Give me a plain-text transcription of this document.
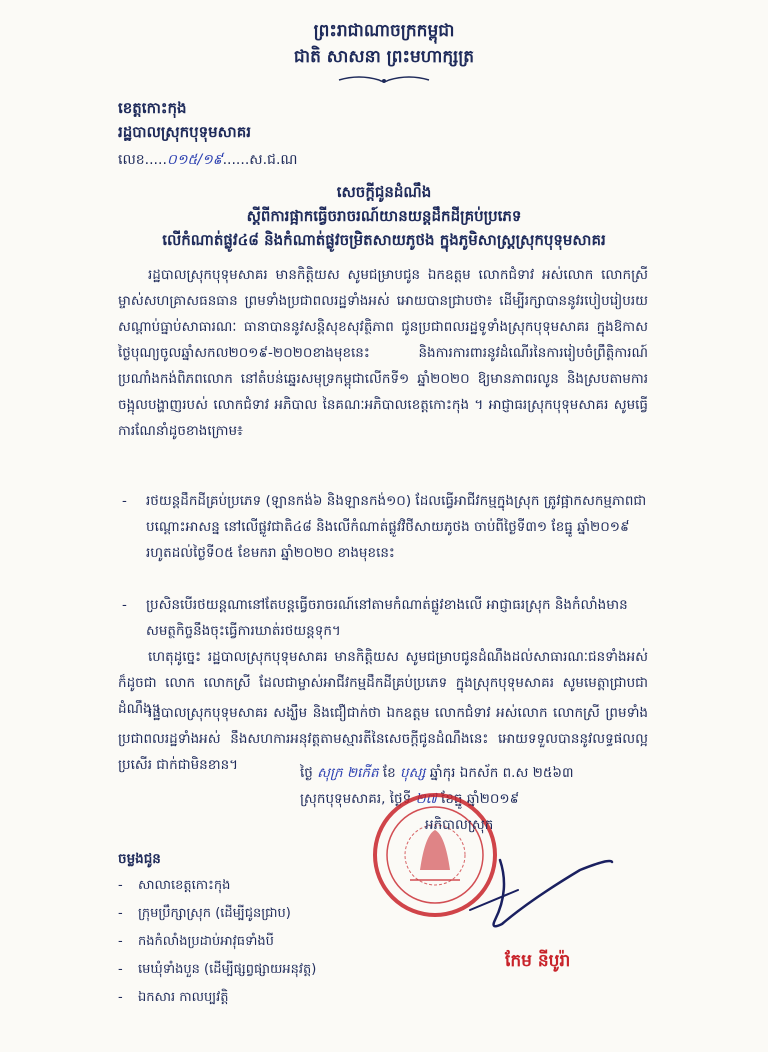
ព្រះរាជាណាចក្រកម្ពុជា
ជាតិ សាសនា ព្រះមហាក្សត្រ
ខេត្តកោះកុង
រដ្ឋបាលស្រុកបុទុមសាគរ
លេខ.....០១៥/១៩......ស.ជ.ណ
សេចក្តីជូនដំណឹង
ស្តីពីការផ្អាកធ្វើចរាចរណ៍យានយន្តដឹកដីគ្រប់ប្រភេទ
លើកំណាត់ផ្លូវ៤៨ និងកំណាត់ផ្លូវចម្រិតសាយភូថង ក្នុងភូមិសាស្ត្រស្រុកបុទុមសាគរ
រដ្ឋបាលស្រុកបុទុមសាគរ មានកិត្តិយស សូមជម្រាបជូន ឯកឧត្តម លោកជំទាវ អស់លោក លោកស្រី ម្ចាស់សហគ្រាសធនធាន ព្រមទាំងប្រជាពលរដ្ឋទាំងអស់ អោយបានជ្រាបថា៖ ដើម្បីរក្សាបាននូវរបៀបរៀបរយ សណ្តាប់ធ្នាប់សាធារណៈ ធានាបាននូវសន្តិសុខសុវត្ថិភាព ជូនប្រជាពលរដ្ឋទូទាំងស្រុកបុទុមសាគរ ក្នុងឱកាសថ្ងៃបុណ្យចូលឆ្នាំសកល២០១៩-២០២០ខាងមុខនេះ និងការការពារនូវដំណើរនៃការរៀបចំព្រឹត្តិការណ៍ប្រណាំងកង់ពិភពលោក នៅតំបន់ឆ្នេរសមុទ្រកម្ពុជាលើកទី១ ឆ្នាំ២០២០ ឱ្យមានភាពរលូន និងស្របតាមការចង្អុលបង្ហាញរបស់ លោកជំទាវ អភិបាល នៃគណៈអភិបាលខេត្តកោះកុង ។ អាជ្ញាធរស្រុកបុទុមសាគរ សូមធ្វើការណែនាំដូចខាងក្រោម៖
- រថយន្តដឹកដីគ្រប់ប្រភេទ (ឡានកង់៦ និងឡានកង់១០) ដែលធ្វើអាជីវកម្មក្នុងស្រុក ត្រូវផ្អាកសកម្មភាពជាបណ្តោះអាសន្ន នៅលើផ្លូវជាតិ៤៨ និងលើកំណាត់ផ្លូវវិថីសាយភូថង ចាប់ពីថ្ងៃទី៣១ ខែធ្នូ ឆ្នាំ២០១៩ រហូតដល់ថ្ងៃទី០៥ ខែមករា ឆ្នាំ២០២០ ខាងមុខនេះ
- ប្រសិនបើរថយន្តណានៅតែបន្តធ្វើចរាចរណ៍នៅតាមកំណាត់ផ្លូវខាងលើ អាជ្ញាធរស្រុក និងកំលាំងមានសមត្ថកិច្ចនឹងចុះធ្វើការឃាត់រថយន្តទុក។
ហេតុដូច្នេះ រដ្ឋបាលស្រុកបុទុមសាគរ មានកិត្តិយស សូមជម្រាបជូនដំណឹងដល់សាធារណៈជនទាំងអស់ ក៏ដូចជា លោក លោកស្រី ដែលជាម្ចាស់អាជីវកម្មដឹកដីគ្រប់ប្រភេទ ក្នុងស្រុកបុទុមសាគរ សូមមេត្តាជ្រាបជាដំណឹង។
រដ្ឋបាលស្រុកបុទុមសាគរ សង្ឃឹម និងជឿជាក់ថា ឯកឧត្តម លោកជំទាវ អស់លោក លោកស្រី ព្រមទាំងប្រជាពលរដ្ឋទាំងអស់ នឹងសហការអនុវត្តតាមស្មារតីនៃសេចក្តីជូនដំណឹងនេះ អោយទទួលបាននូវលទ្ធផលល្អប្រសើរ ជាក់ជាមិនខាន។	ថ្ងៃ សុក្រ ២កើត ខែ បុស្ស ឆ្នាំកុរ ឯកស័ក ព.ស ២៥៦៣
ស្រុកបុទុមសាគរ, ថ្ងៃទី ២៧ ខែធ្នូ ឆ្នាំ២០១៩
អភិបាលស្រុក
កែម នីបូរ៉ា
ចម្លងជូន
- សាលាខេត្តកោះកុង
- ក្រុមប្រឹក្សាស្រុក (ដើម្បីជូនជ្រាប)
- កងកំលាំងប្រដាប់អាវុធទាំងបី
- មេឃុំទាំងបួន (ដើម្បីផ្សព្វផ្សាយអនុវត្ត)
- ឯកសារ កាលប្បវត្តិ
